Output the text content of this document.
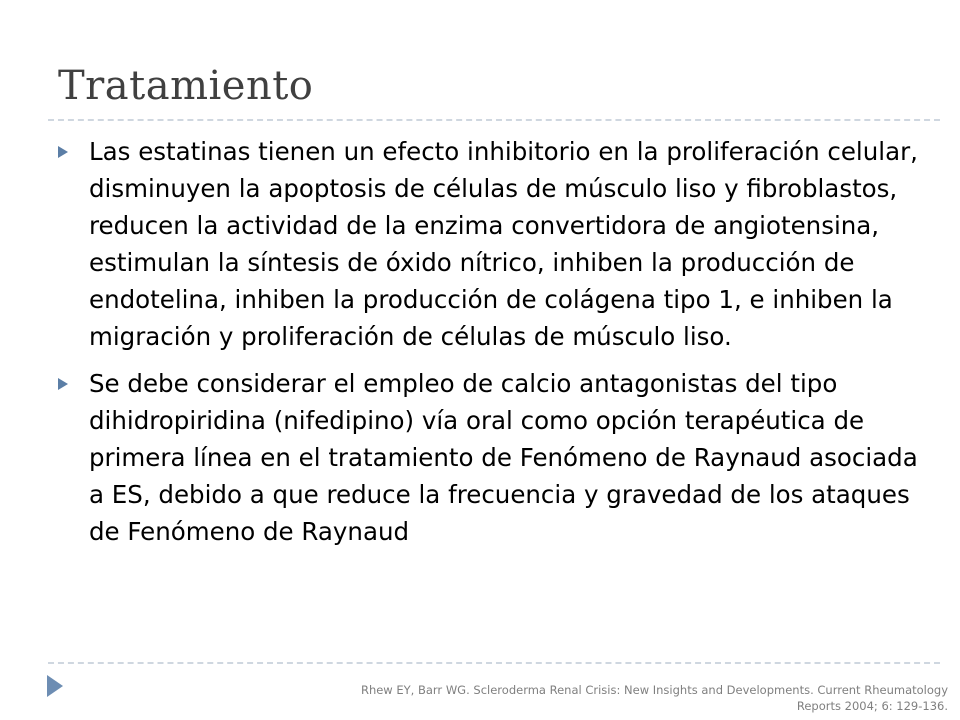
Tratamiento
Las estatinas tienen un efecto inhibitorio en la proliferación celular, disminuyen la apoptosis de células de músculo liso y fibroblastos, reducen la actividad de la enzima convertidora de angiotensina, estimulan la síntesis de óxido nítrico, inhiben la producción de endotelina, inhiben la producción de colágena tipo 1, e inhiben la migración y proliferación de células de músculo liso.
Se debe considerar el empleo de calcio antagonistas del tipo dihidropiridina (nifedipino) vía oral como opción terapéutica de primera línea en el tratamiento de Fenómeno de Raynaud asociada a ES, debido a que reduce la frecuencia y gravedad de los ataques de Fenómeno de Raynaud
Rhew EY, Barr WG. Scleroderma Renal Crisis: New Insights and Developments. Current Rheumatology Reports 2004; 6: 129-136.
